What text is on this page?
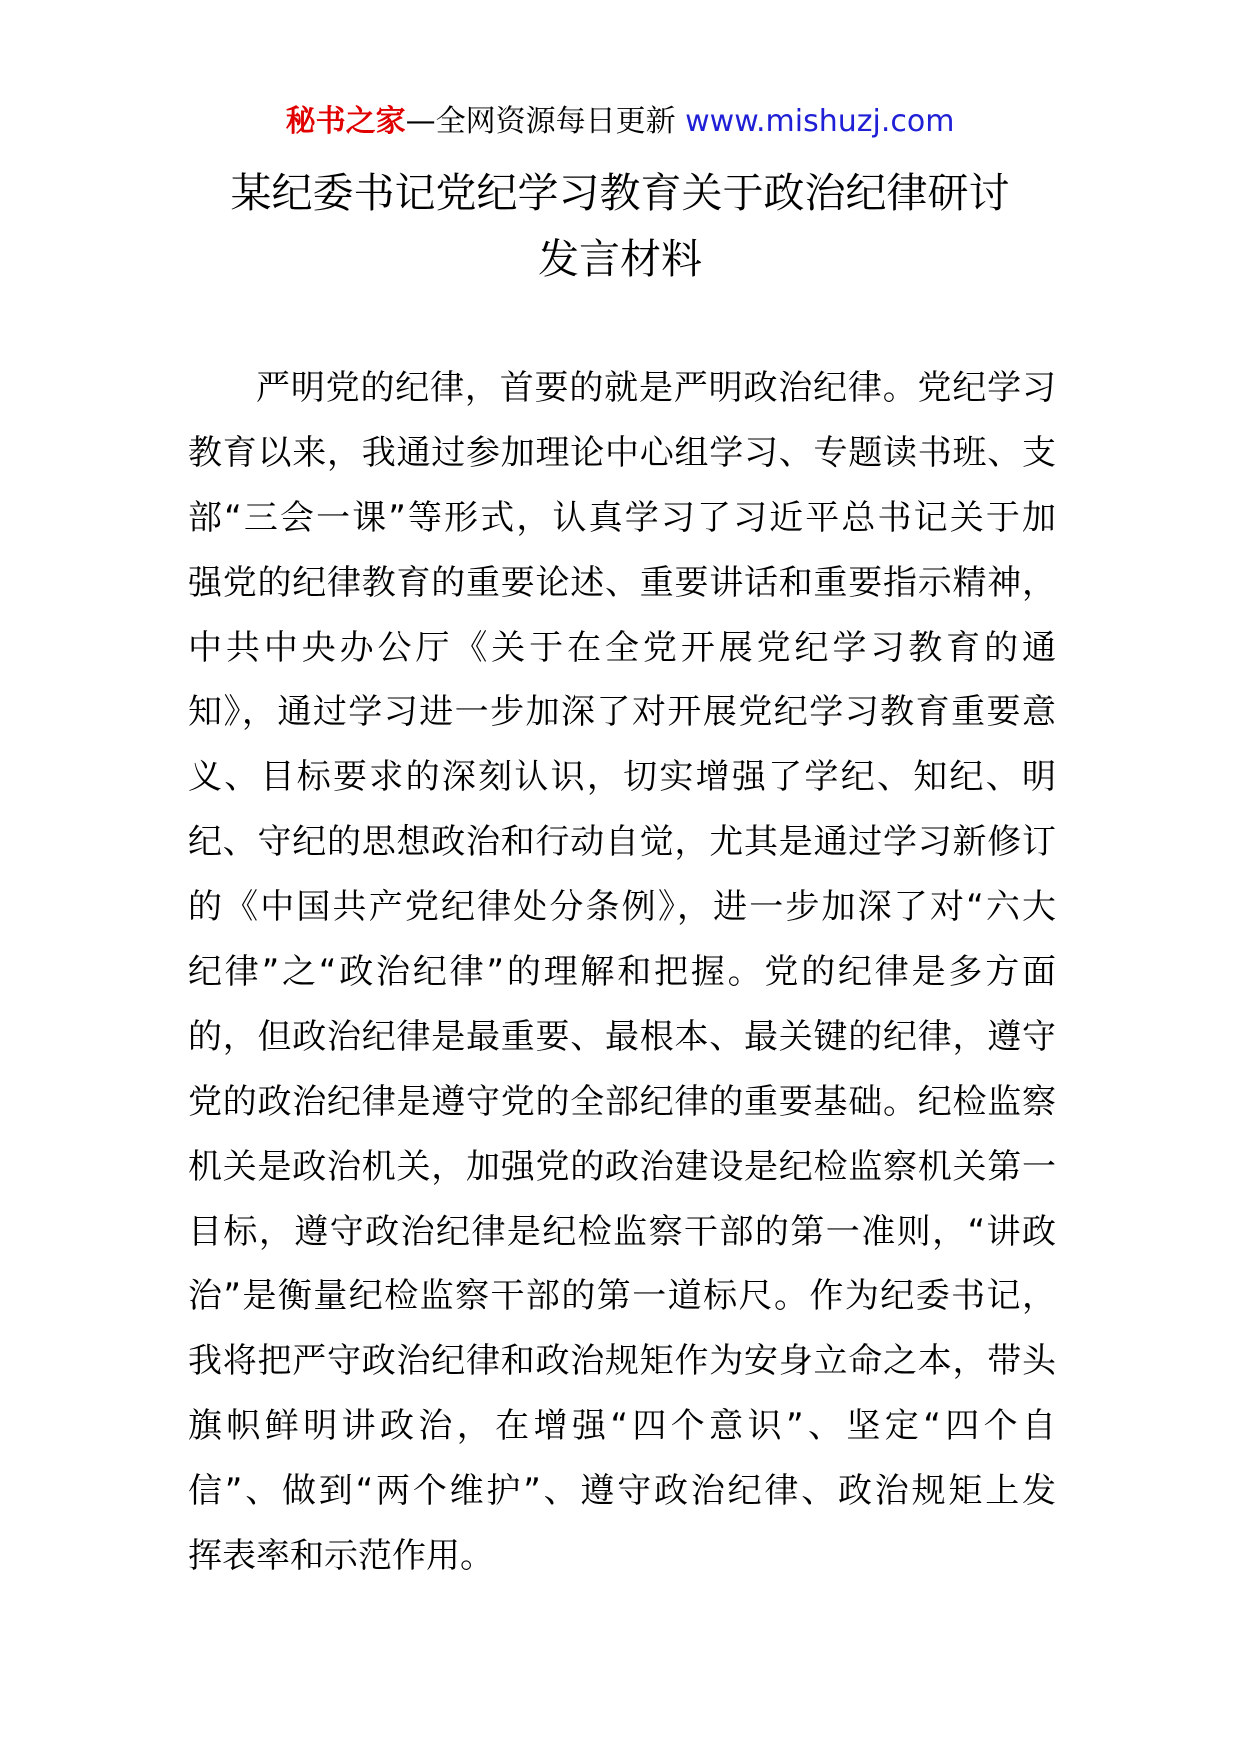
秘书之家—全网资源每日更新 www.mishuzj.com
某纪委书记党纪学习教育关于政治纪律研讨
发言材料
严明党的纪律，首要的就是严明政治纪律。党纪学习
教育以来，我通过参加理论中心组学习、专题读书班、支
部“三会一课”等形式，认真学习了习近平总书记关于加
强党的纪律教育的重要论述、重要讲话和重要指示精神，
中共中央办公厅《关于在全党开展党纪学习教育的通
知》，通过学习进一步加深了对开展党纪学习教育重要意
义、目标要求的深刻认识，切实增强了学纪、知纪、明
纪、守纪的思想政治和行动自觉，尤其是通过学习新修订
的《中国共产党纪律处分条例》，进一步加深了对“六大
纪律”之“政治纪律”的理解和把握。党的纪律是多方面
的，但政治纪律是最重要、最根本、最关键的纪律，遵守
党的政治纪律是遵守党的全部纪律的重要基础。纪检监察
机关是政治机关，加强党的政治建设是纪检监察机关第一
目标，遵守政治纪律是纪检监察干部的第一准则，“讲政
治”是衡量纪检监察干部的第一道标尺。作为纪委书记，
我将把严守政治纪律和政治规矩作为安身立命之本，带头
旗帜鲜明讲政治，在增强“四个意识”、坚定“四个自
信”、做到“两个维护”、遵守政治纪律、政治规矩上发
挥表率和示范作用。
